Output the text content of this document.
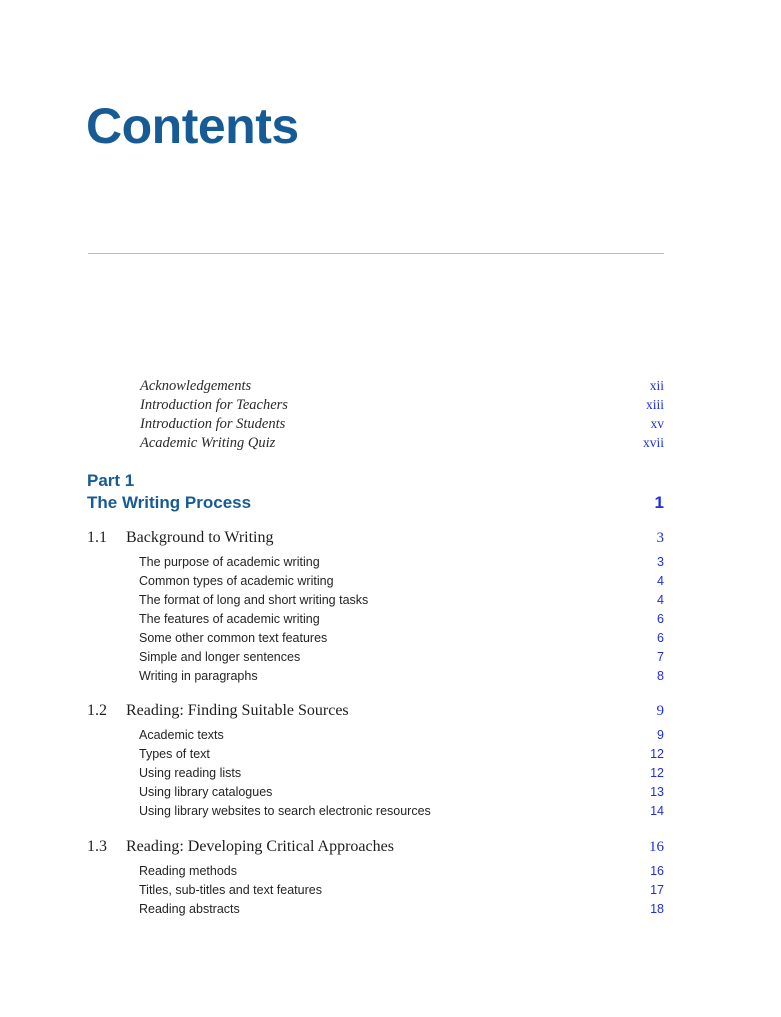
Contents
Acknowledgements	xii
Introduction for Teachers	xiii
Introduction for Students	xv
Academic Writing Quiz	xvii
Part 1
The Writing Process	1
1.1	Background to Writing	3
The purpose of academic writing	3
Common types of academic writing	4
The format of long and short writing tasks	4
The features of academic writing	6
Some other common text features	6
Simple and longer sentences	7
Writing in paragraphs	8
1.2	Reading: Finding Suitable Sources	9
Academic texts	9
Types of text	12
Using reading lists	12
Using library catalogues	13
Using library websites to search electronic resources	14
1.3	Reading: Developing Critical Approaches	16
Reading methods	16
Titles, sub-titles and text features	17
Reading abstracts	18
